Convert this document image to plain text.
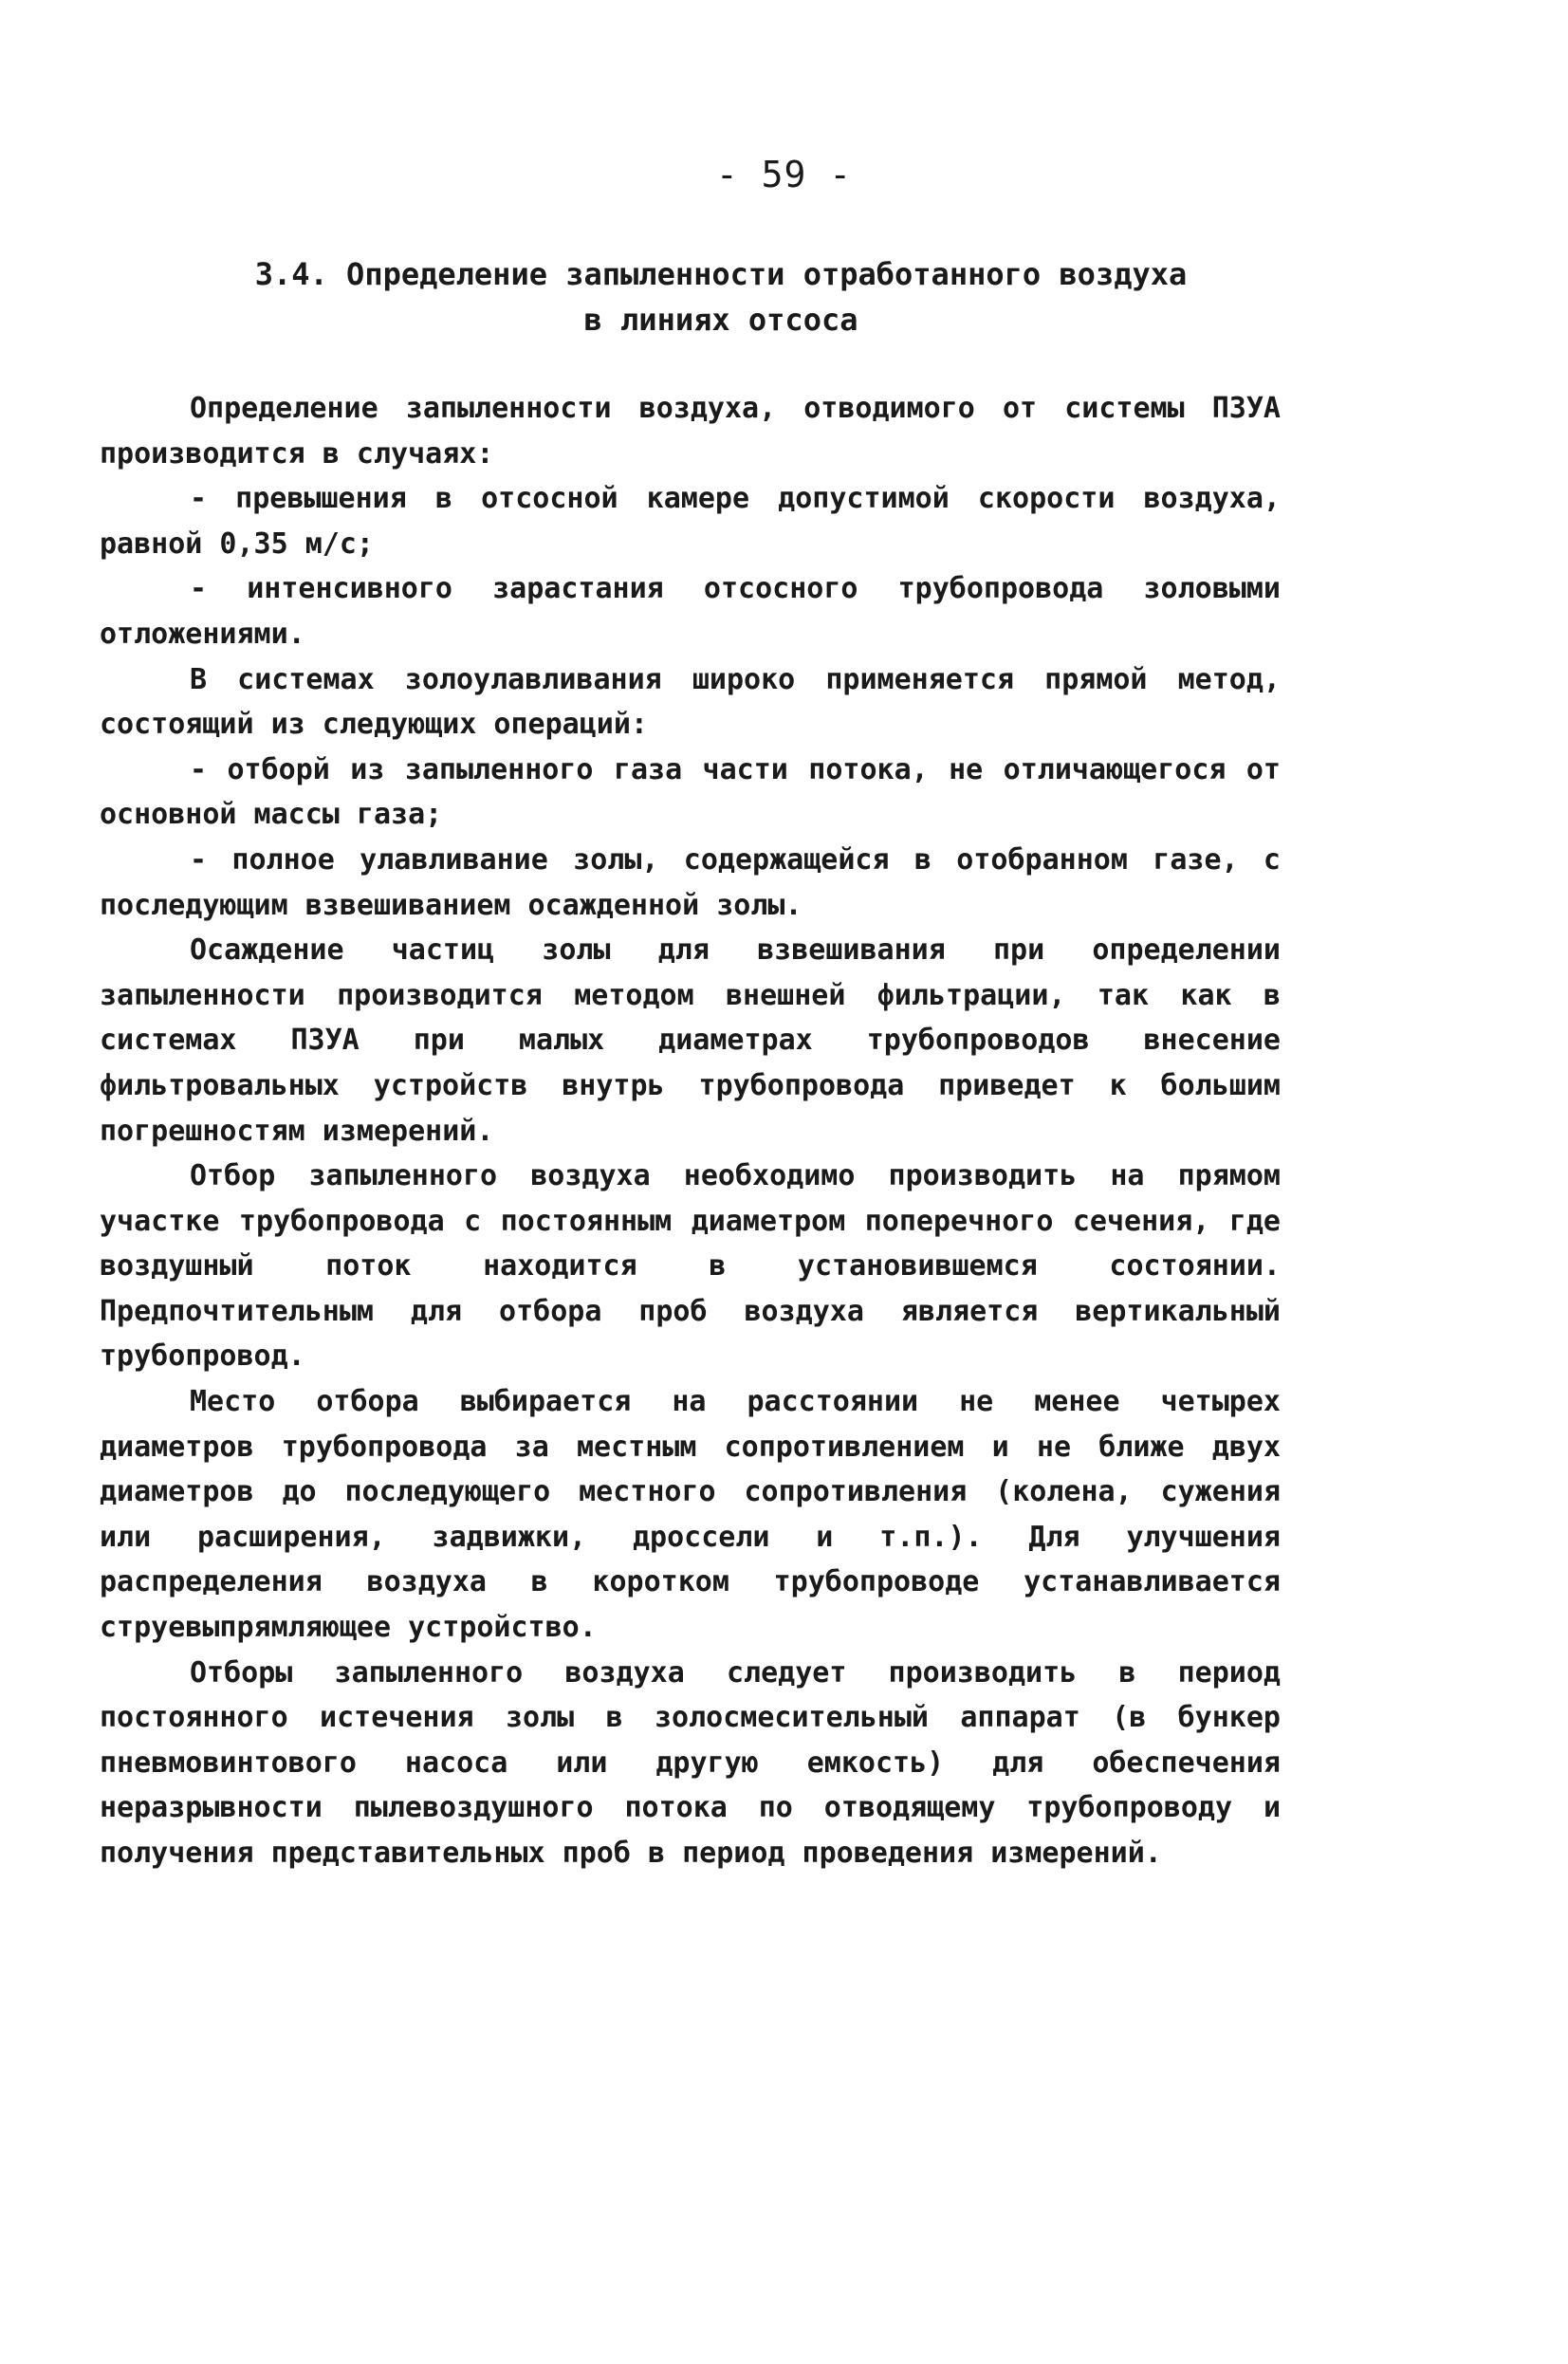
- 59 -
3.4. Определение запыленности отработанного воздуха
в линиях отсоса

Определение запыленности воздуха, отводимого от системы ПЗУА производится в случаях:

- превышения в отсосной камере допустимой скорости воздуха, равной 0,35 м/с;

- интенсивного зарастания отсосного трубопровода золовыми отложениями.

В системах золоулавливания широко применяется прямой метод, состоящий из следующих операций:

- отборй из запыленного газа части потока, не отличающегося от основной массы газа;

- полное улавливание золы, содержащейся в отобранном газе, с последующим взвешиванием осажденной золы.

Осаждение частиц золы для взвешивания при определении запыленности производится методом внешней фильтрации, так как в системах ПЗУА при малых диаметрах трубопроводов внесение фильтровальных устройств внутрь трубопровода приведет к большим погрешностям измерений.

Отбор запыленного воздуха необходимо производить на прямом участке трубопровода с постоянным диаметром поперечного сечения, где воздушный поток находится в установившемся состоянии. Предпочтительным для отбора проб воздуха является вертикальный трубопровод.

Место отбора выбирается на расстоянии не менее четырех диаметров трубопровода за местным сопротивлением и не ближе двух диаметров до последующего местного сопротивления (колена, сужения или расширения, задвижки, дроссели и т.п.). Для улучшения распределения воздуха в коротком трубопроводе устанавливается струевыпрямляющее устройство.

Отборы запыленного воздуха следует производить в период постоянного истечения золы в золосмесительный аппарат (в бункер пневмовинтового насоса или другую емкость) для обеспечения неразрывности пылевоздушного потока по отводящему трубопроводу и получения представительных проб в период проведения измерений.
